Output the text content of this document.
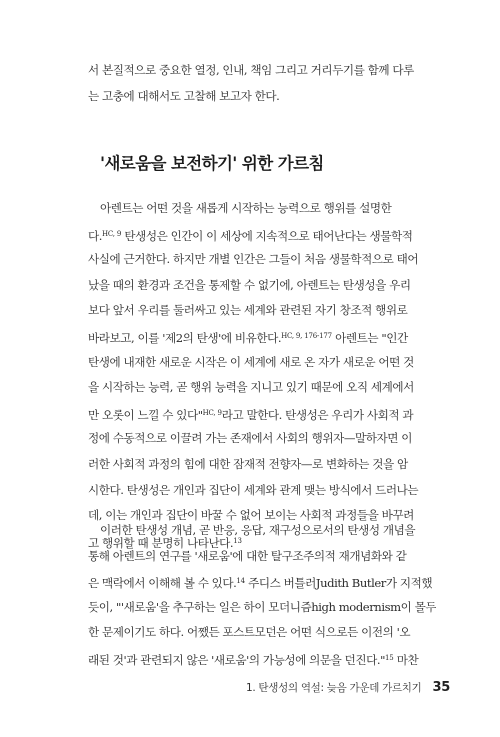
서 본질적으로 중요한 열정, 인내, 책임 그리고 거리두기를 함께 다루
는 고충에 대해서도 고찰해 보고자 한다.

'새로움을 보전하기' 위한 가르침

아렌트는 어떤 것을 새롭게 시작하는 능력으로 행위를 설명한
다.$^{HC, 9}$ 탄생성은 인간이 이 세상에 지속적으로 태어난다는 생물학적
사실에 근거한다. 하지만 개별 인간은 그들이 처음 생물학적으로 태어
났을 때의 환경과 조건을 통제할 수 없기에, 아렌트는 탄생성을 우리
보다 앞서 우리를 둘러싸고 있는 세계와 관련된 자기 창조적 행위로
바라보고, 이를 '제2의 탄생'에 비유한다.$^{HC, 9, 176-177}$ 아렌트는 "인간
탄생에 내재한 새로운 시작은 이 세계에 새로 온 자가 새로운 어떤 것
을 시작하는 능력, 곧 행위 능력을 지니고 있기 때문에 오직 세계에서
만 오롯이 느낄 수 있다"$^{HC, 9}$라고 말한다. 탄생성은 우리가 사회적 과
정에 수동적으로 이끌려 가는 존재에서 사회의 행위자—말하자면 이
러한 사회적 과정의 힘에 대한 잠재적 전향자—로 변화하는 것을 암
시한다. 탄생성은 개인과 집단이 세계와 관계 맺는 방식에서 드러나는
데, 이는 개인과 집단이 바꿀 수 없어 보이는 사회적 과정들을 바꾸려
고 행위할 때 분명히 나타난다.$^{13}$

이러한 탄생성 개념, 곧 반응, 응답, 재구성으로서의 탄생성 개념을
통해 아렌트의 연구를 '새로움'에 대한 탈구조주의적 재개념화와 같
은 맥락에서 이해해 볼 수 있다.$^{14}$ 주디스 버틀러Judith Butler가 지적했
듯이, "'새로움'을 추구하는 일은 하이 모더니즘high modernism이 몰두
한 문제이기도 하다. 어쨌든 포스트모던은 어떤 식으로든 이전의 '오
래된 것'과 관련되지 않은 '새로움'의 가능성에 의문을 던진다."$^{15}$ 마찬

1. 탄생성의 역설: 늦음 가운데 가르치기 35
